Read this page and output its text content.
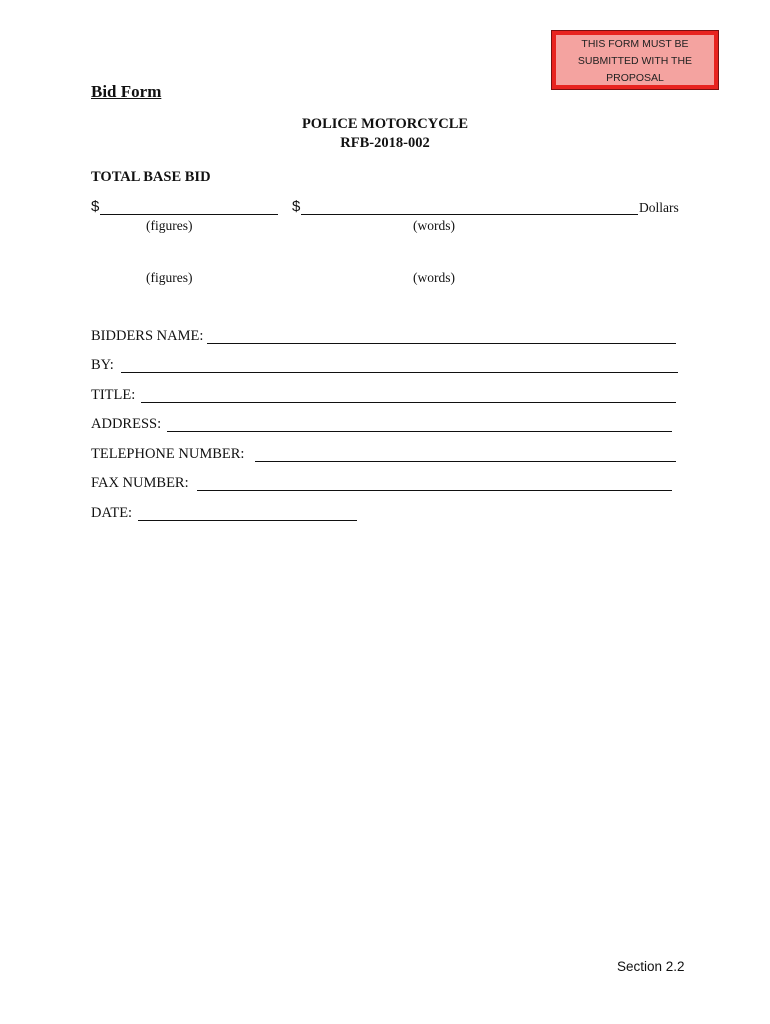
THIS FORM MUST BE
SUBMITTED WITH THE
PROPOSAL
Bid Form
POLICE MOTORCYCLE
RFB-2018-002
TOTAL BASE BID
$	$	Dollars
(figures)	(words)
(figures)	(words)
BIDDERS NAME:
BY:
TITLE:
ADDRESS:
TELEPHONE NUMBER:
FAX NUMBER:
DATE:
Section 2.2
